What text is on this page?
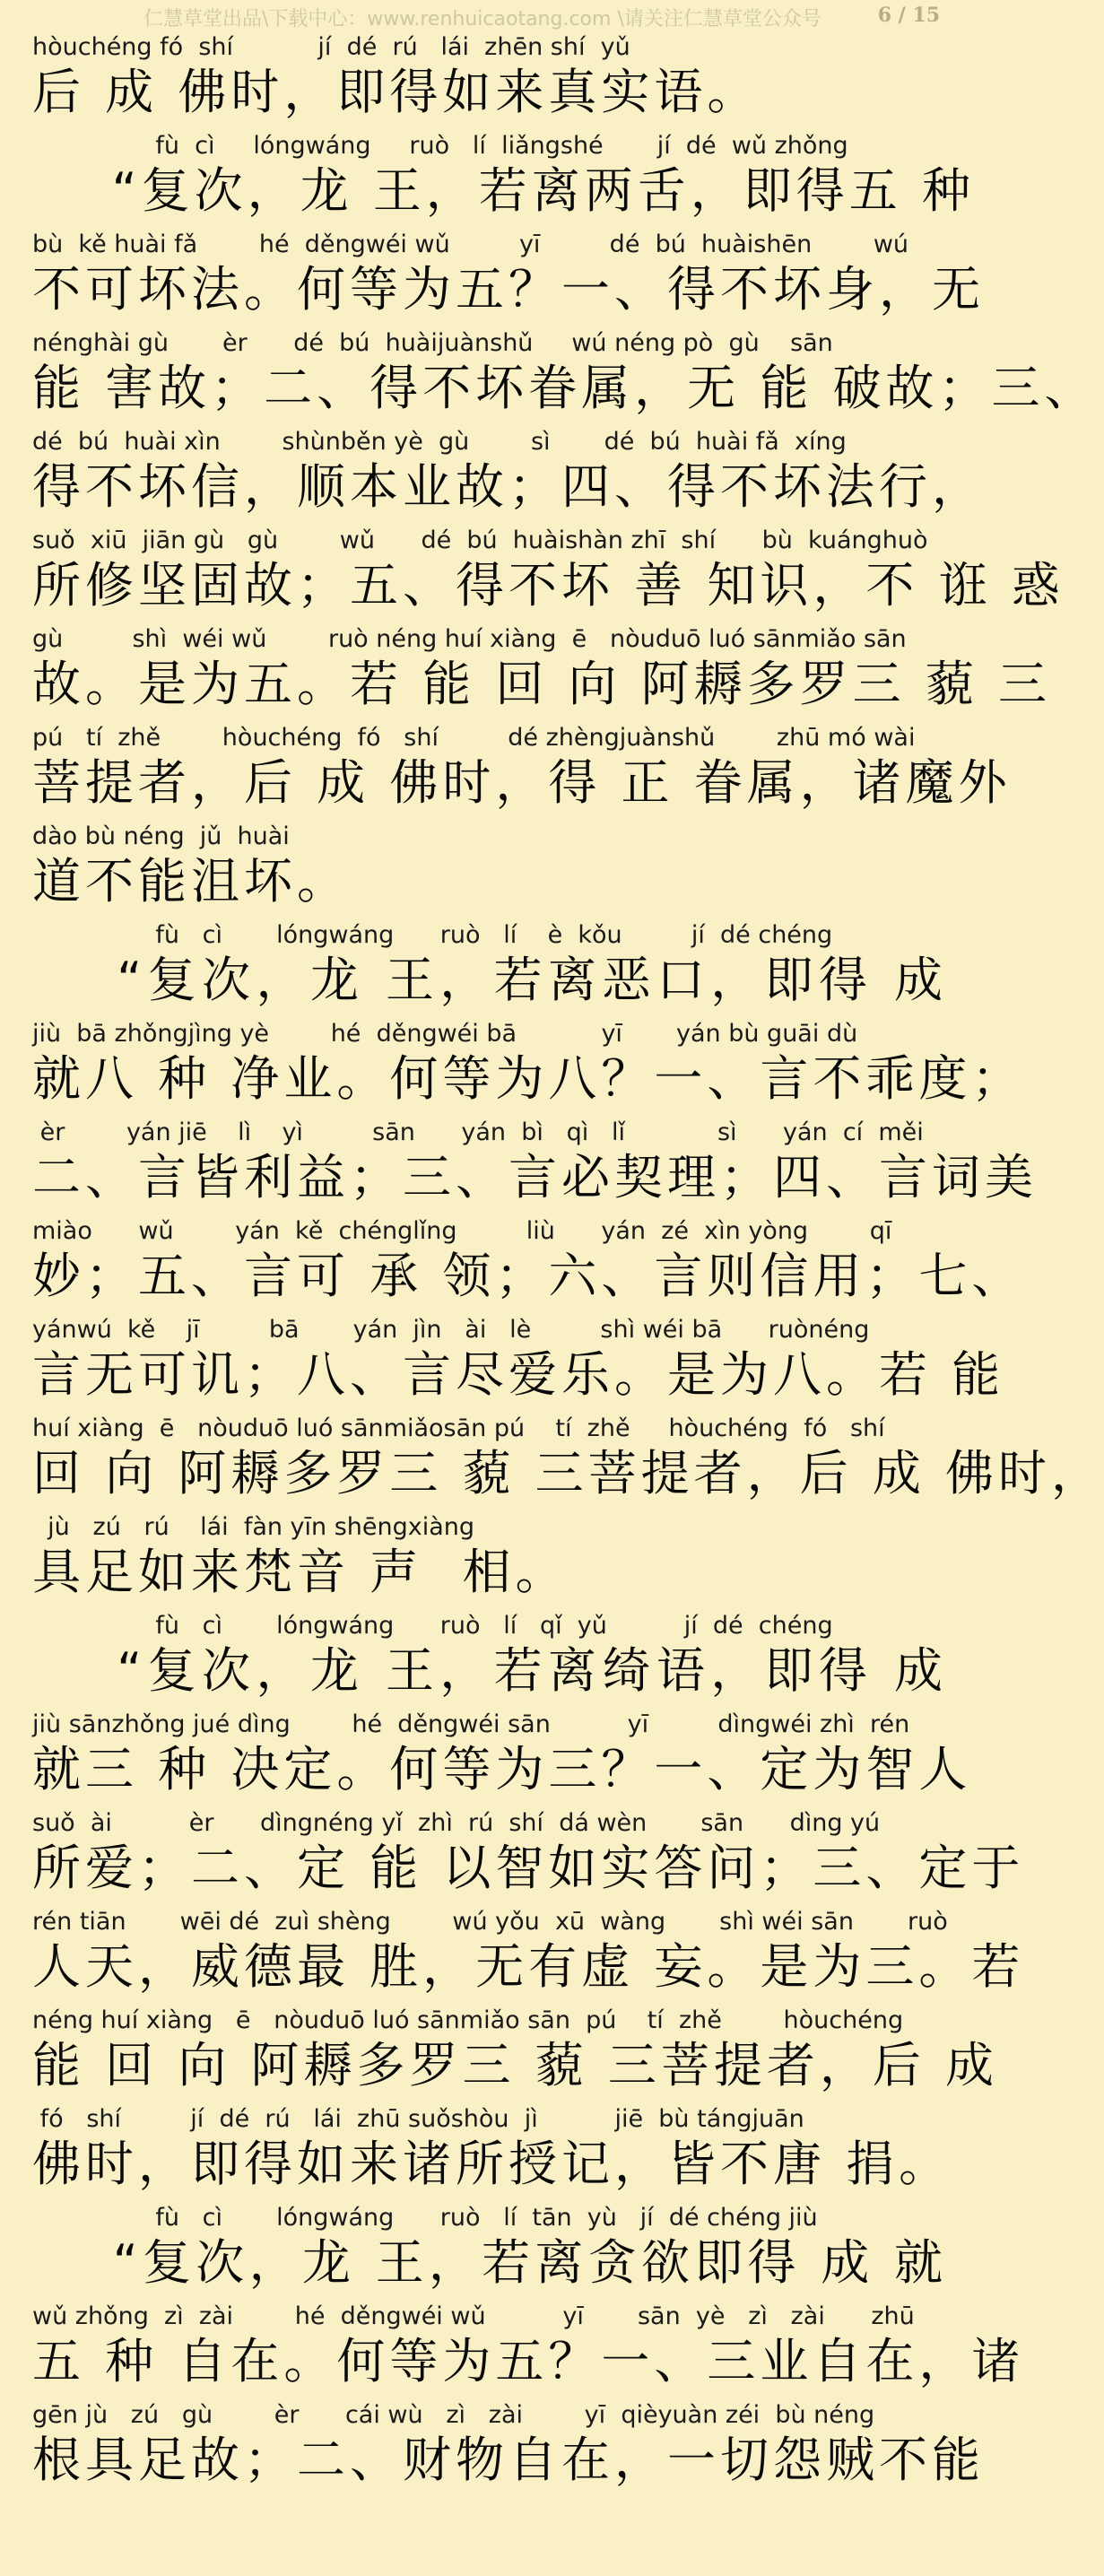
仁慧草堂出品\下载中心：www.renhuicaotang.com \请关注仁慧草堂公众号	6 / 15
hòuchéng fó  shí           jí  dé  rú   lái  zhēn shí  yǔ
后 成 佛时，即得如来真实语。
fù  cì     lóngwáng     ruò   lí  liǎngshé       jí  dé  wǔ zhǒng
“复次，龙 王，若离两舌，即得五 种
bù  kě huài fǎ        hé  děngwéi wǔ         yī         dé  bú  huàishēn        wú
不可坏法。何等为五？一、得不坏身，无
nénghài gù       èr      dé  bú  huàijuànshǔ     wú néng pò  gù    sān
能 害故；二、得不坏眷属，无 能 破故；三、
dé  bú  huài xìn        shùnběn yè  gù        sì       dé  bú  huài fǎ  xíng
得不坏信，顺本业故；四、得不坏法行，
suǒ  xiū  jiān gù   gù        wǔ      dé  bú  huàishàn zhī  shí      bù  kuánghuò
所修坚固故；五、得不坏 善 知识，不 诳 惑
gù         shì  wéi wǔ        ruò néng huí xiàng  ē   nòuduō luó sānmiǎo sān
故。是为五。若 能 回 向 阿耨多罗三 藐 三
pú   tí  zhě        hòuchéng  fó   shí         dé zhèngjuànshǔ        zhū mó wài
菩提者，后 成 佛时，得 正 眷属，诸魔外
dào bù néng  jǔ  huài
道不能沮坏。
fù   cì       lóngwáng      ruò   lí    è  kǒu         jí  dé chéng
“复次，龙 王，若离恶口，即得 成
jiù  bā zhǒngjìng yè        hé  děngwéi bā           yī       yán bù guāi dù
就八 种 净业。何等为八？一、言不乖度；
èr        yán jiē    lì    yì         sān      yán  bì   qì   lǐ            sì      yán  cí  měi
二、言皆利益；三、言必契理；四、言词美
miào      wǔ        yán  kě  chénglǐng         liù      yán  zé  xìn yòng        qī
妙；五、言可 承 领；六、言则信用；七、
yánwú  kě    jī         bā       yán  jìn   ài   lè         shì wéi bā      ruònéng
言无可讥；八、言尽爱乐。是为八。若 能
huí xiàng  ē   nòuduō luó sānmiǎosān pú    tí  zhě     hòuchéng  fó   shí
回 向 阿耨多罗三 藐 三菩提者，后 成 佛时，
jù   zú   rú    lái  fàn yīn shēngxiàng
具足如来梵音 声  相。
fù   cì       lóngwáng      ruò   lí   qǐ  yǔ          jí  dé  chéng
“复次，龙 王，若离绮语，即得 成
jiù sānzhǒng jué dìng        hé  děngwéi sān          yī         dìngwéi zhì  rén
就三 种 决定。何等为三？一、定为智人
suǒ  ài          èr      dìngnéng yǐ  zhì  rú  shí  dá wèn       sān      dìng yú
所爱；二、定 能 以智如实答问；三、定于
rén tiān       wēi dé  zuì shèng        wú yǒu  xū  wàng       shì wéi sān       ruò
人天，威德最 胜，无有虚 妄。是为三。若
néng huí xiàng   ē   nòuduō luó sānmiǎo sān  pú    tí  zhě        hòuchéng
能 回 向 阿耨多罗三 藐 三菩提者，后 成
fó   shí         jí  dé  rú   lái  zhū suǒshòu  jì          jiē  bù tángjuān
佛时，即得如来诸所授记，皆不唐 捐。
fù   cì       lóngwáng      ruò   lí  tān  yù   jí  dé chéng jiù
“复次，龙 王，若离贪欲即得 成 就
wǔ zhǒng  zì  zài        hé  děngwéi wǔ          yī       sān  yè   zì   zài      zhū
五 种 自在。何等为五？一、三业自在，诸
gēn jù   zú   gù        èr      cái wù   zì   zài        yī  qièyuàn zéi  bù néng
根具足故；二、财物自在，一切怨贼不能
